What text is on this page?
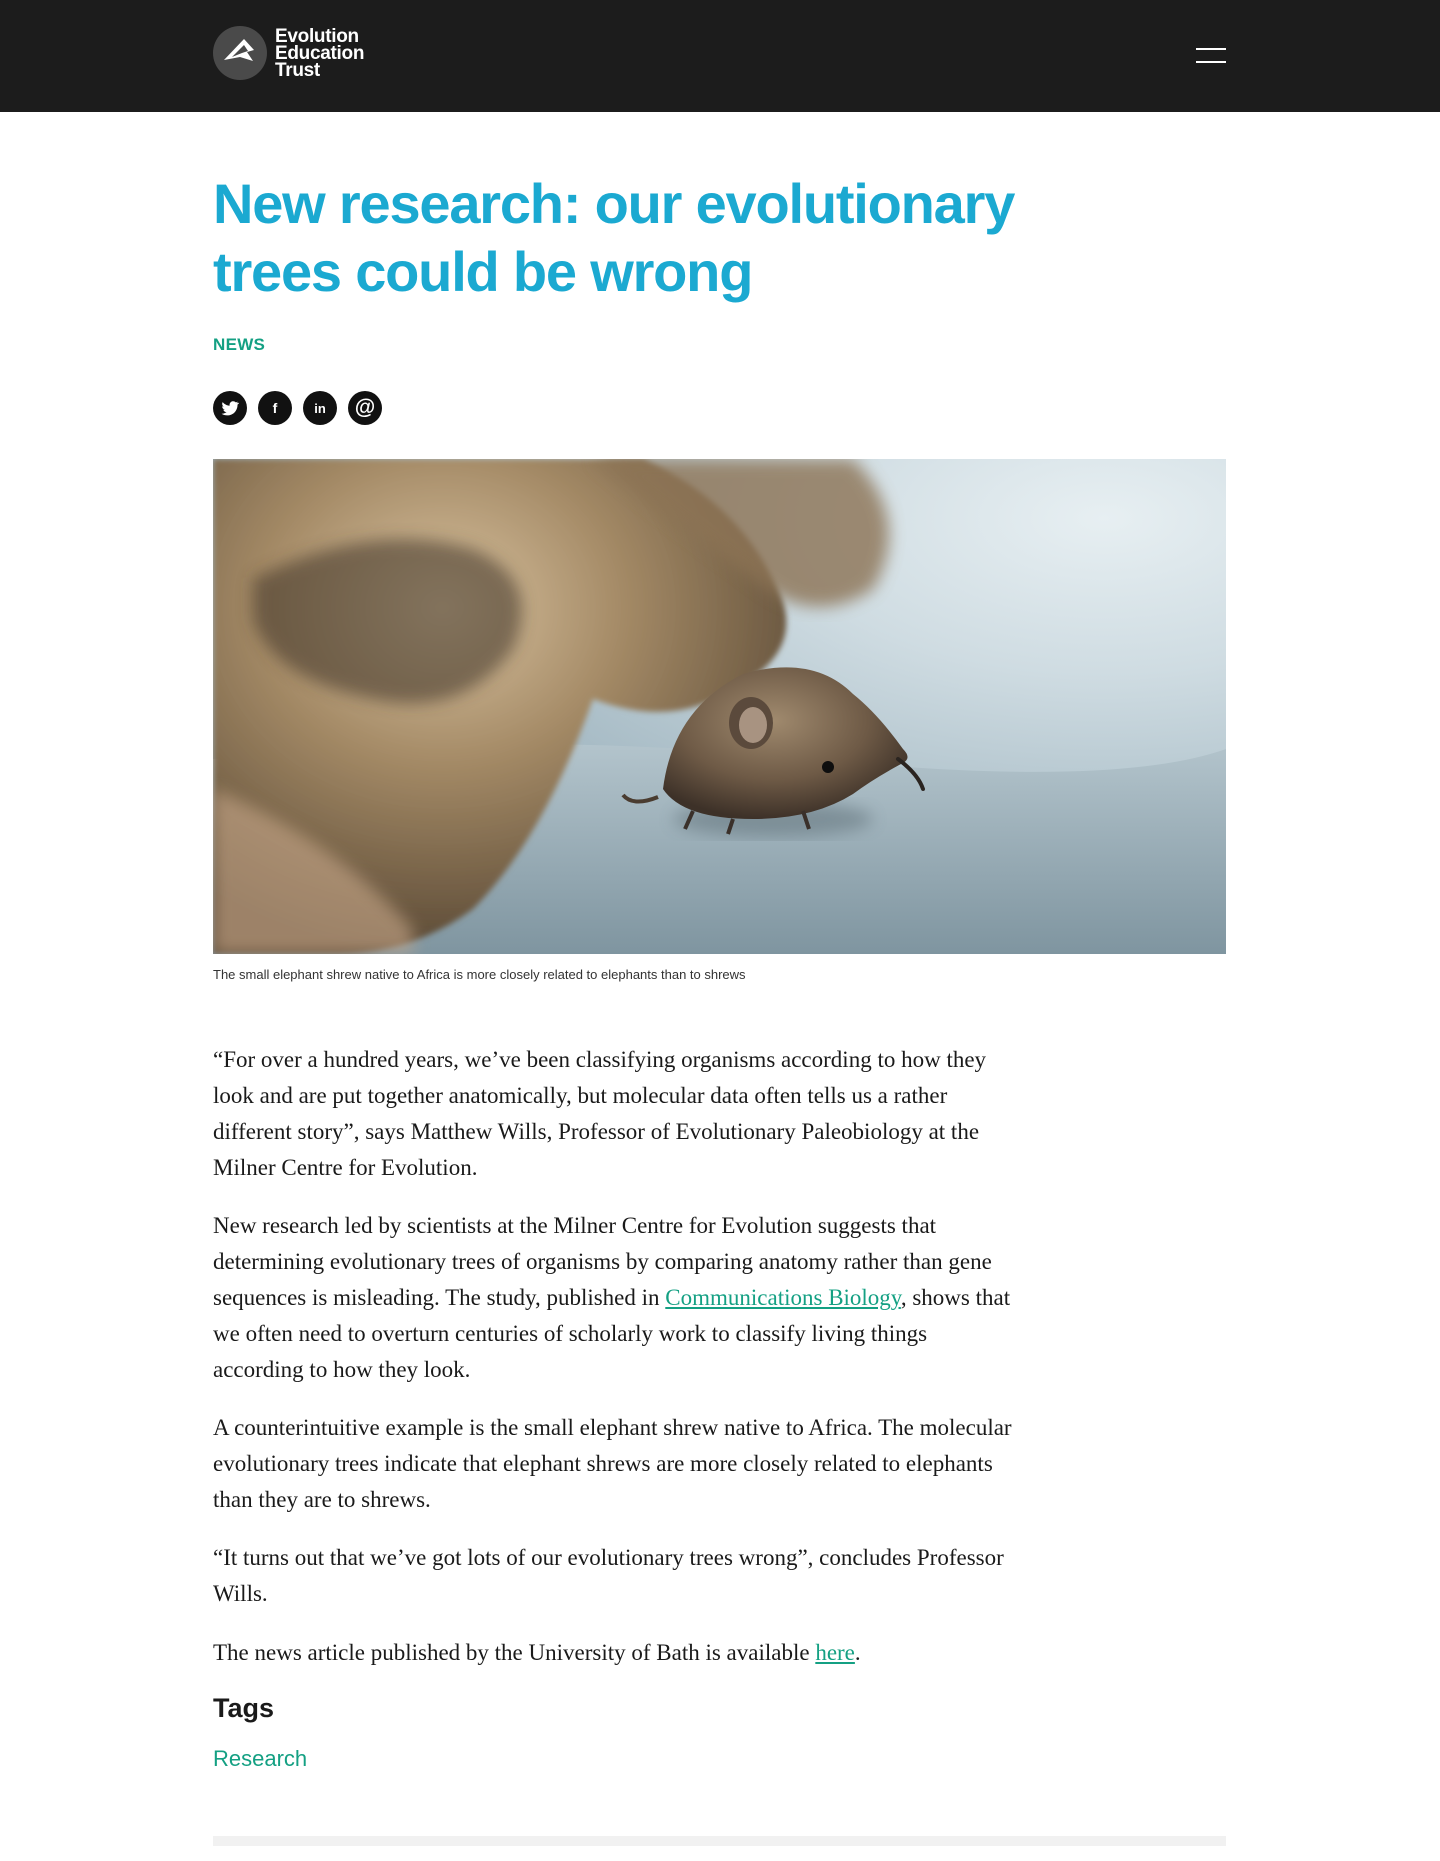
Evolution
Education
Trust
New research: our evolutionary trees could be wrong
NEWS
f	in	@

The small elephant shrew native to Africa is more closely related to elephants than to shrews

“For over a hundred years, we’ve been classifying organisms according to how they look and are put together anatomically, but molecular data often tells us a rather different story”, says Matthew Wills, Professor of Evolutionary Paleobiology at the Milner Centre for Evolution.

New research led by scientists at the Milner Centre for Evolution suggests that determining evolutionary trees of organisms by comparing anatomy rather than gene sequences is misleading. The study, published in Communications Biology, shows that we often need to overturn centuries of scholarly work to classify living things according to how they look.

A counterintuitive example is the small elephant shrew native to Africa. The molecular evolutionary trees indicate that elephant shrews are more closely related to elephants than they are to shrews.

“It turns out that we’ve got lots of our evolutionary trees wrong”, concludes Professor Wills.

The news article published by the University of Bath is available here.

Tags
Research
